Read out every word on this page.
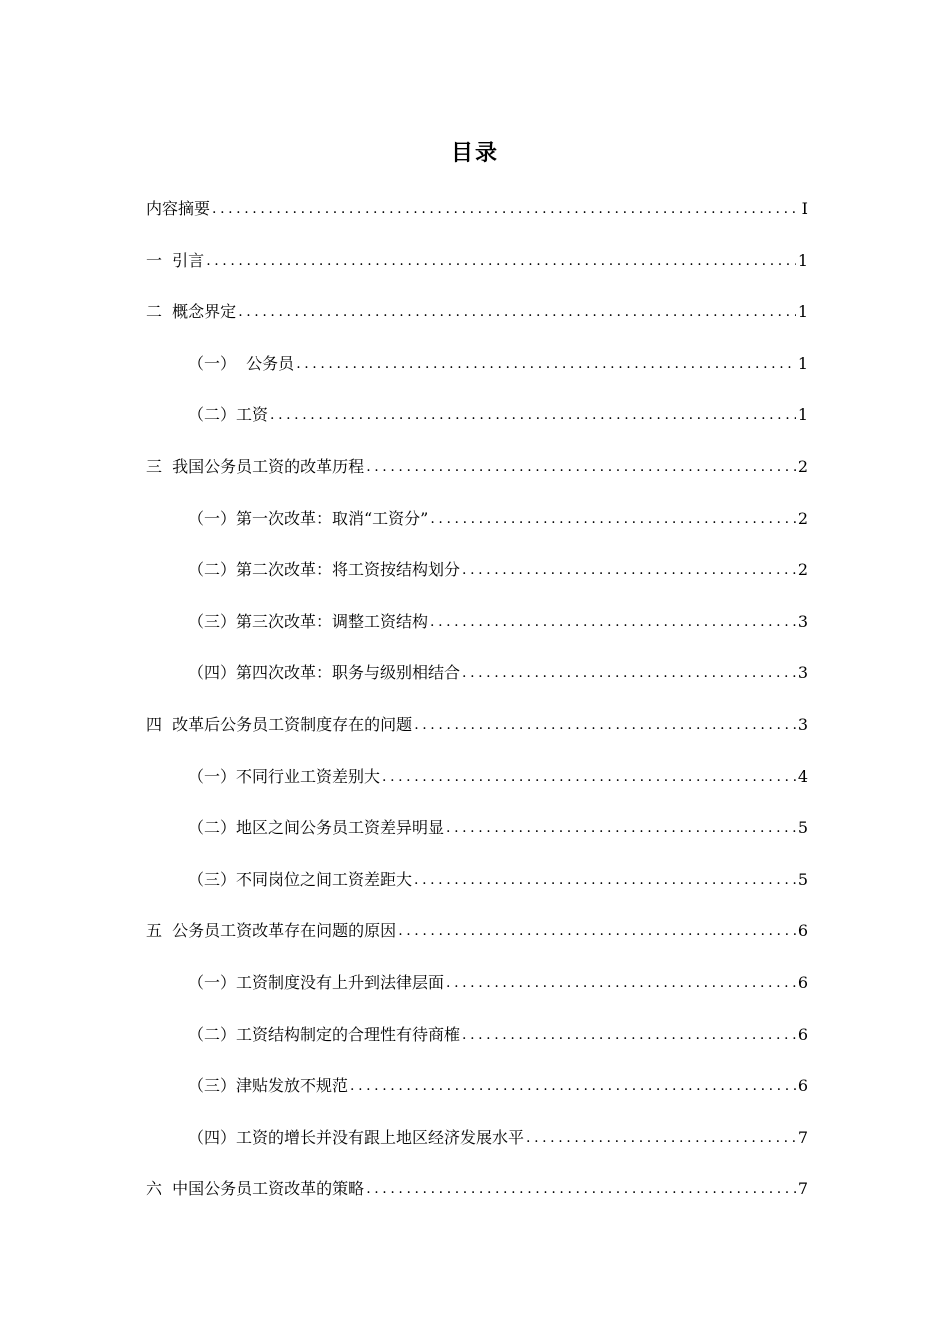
目录
内容摘要 .....	I
一  引言 .....	1
二  概念界定 .....	1
（一）  公务员 .....	1
（二）工资 .....	1
三  我国公务员工资的改革历程 .....	2
（一）第一次改革：取消“工资分” .....	2
（二）第二次改革：将工资按结构划分 .....	2
（三）第三次改革：调整工资结构 .....	3
（四）第四次改革：职务与级别相结合 .....	3
四  改革后公务员工资制度存在的问题 .....	3
（一）不同行业工资差别大 .....	4
（二）地区之间公务员工资差异明显 .....	5
（三）不同岗位之间工资差距大 .....	5
五  公务员工资改革存在问题的原因 .....	6
（一）工资制度没有上升到法律层面 .....	6
（二）工资结构制定的合理性有待商榷 .....	6
（三）津贴发放不规范 .....	6
（四）工资的增长并没有跟上地区经济发展水平 .....	7
六  中国公务员工资改革的策略 .....	7
